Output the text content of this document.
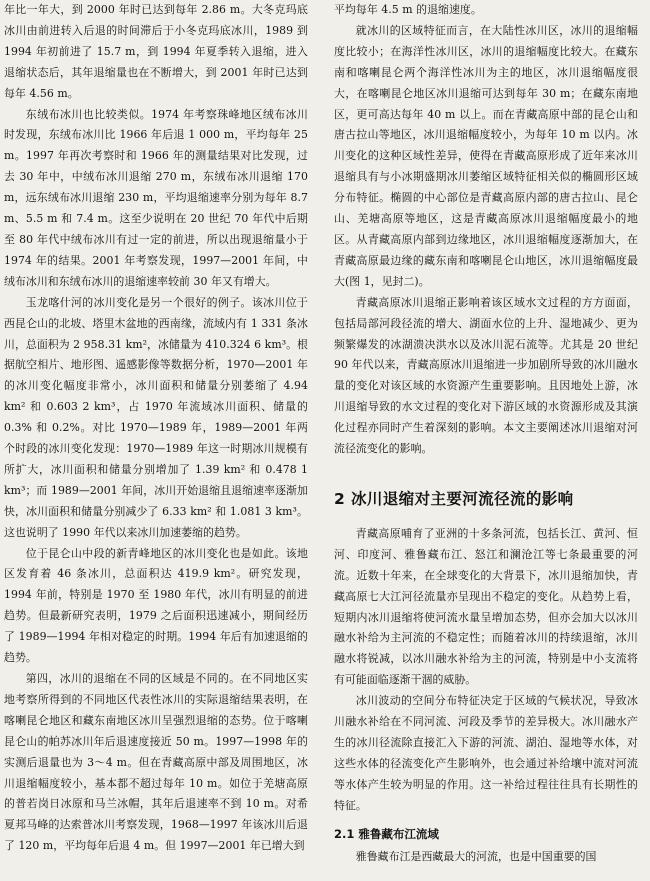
年比一年大，到 2000 年时已达到每年 2.86 m。大冬克玛底冰川由前进转入后退的时间滞后于小冬克玛底冰川，1989 到 1994 年初前进了 15.7 m，到 1994 年夏季转入退缩，进入退缩状态后，其年退缩量也在不断增大，到 2001 年时已达到每年 4.56 m。

东绒布冰川也比较类似。1974 年考察珠峰地区绒布冰川时发现，东绒布冰川比 1966 年后退 1 000 m，平均每年 25 m。1997 年再次考察时和 1966 年的测量结果对比发现，过去 30 年中，中绒布冰川退缩 270 m，东绒布冰川退缩 170 m，远东绒布冰川退缩 230 m，平均退缩速率分别为每年 8.7 m、5.5 m 和 7.4 m。这至少说明在 20 世纪 70 年代中后期至 80 年代中绒布冰川有过一定的前进，所以出现退缩量小于 1974 年的结果。2001 年考察发现，1997—2001 年间，中绒布冰川和东绒布冰川的退缩速率较前 30 年又有增大。

玉龙喀什河的冰川变化是另一个很好的例子。该冰川位于西昆仑山的北坡、塔里木盆地的西南缘，流域内有 1 331 条冰川，总面积为 2 958.31 km²，冰储量为 410.324 6 km³。根据航空相片、地形图、遥感影像等数据分析，1970—2001 年的冰川变化幅度非常小，冰川面积和储量分别萎缩了 4.94 km² 和 0.603 2 km³，占 1970 年流域冰川面积、储量的 0.3% 和 0.2%。对比 1970—1989 年，1989—2001 年两个时段的冰川变化发现：1970—1989 年这一时期冰川规模有所扩大，冰川面积和储量分别增加了 1.39 km² 和 0.478 1 km³；而 1989—2001 年间，冰川开始退缩且退缩速率逐渐加快，冰川面积和储量分别减少了 6.33 km² 和 1.081 3 km³。这也说明了 1990 年代以来冰川加速萎缩的趋势。

位于昆仑山中段的新青峰地区的冰川变化也是如此。该地区发育着 46 条冰川，总面积达 419.9 km²。研究发现，1994 年前，特别是 1970 至 1980 年代，冰川有明显的前进趋势。但最新研究表明，1979 之后面积迅速减小，期间经历了 1989—1994 年相对稳定的时期。1994 年后有加速退缩的趋势。

第四，冰川的退缩在不同的区域是不同的。在不同地区实地考察所得到的不同地区代表性冰川的实际退缩结果表明，在喀喇昆仑地区和藏东南地区冰川呈强烈退缩的态势。位于喀喇昆仑山的帕苏冰川年后退速度接近 50 m。1997—1998 年的实测后退量也为 3～4 m。但在青藏高原中部及周围地区，冰川退缩幅度较小，基本都不超过每年 10 m。如位于羌塘高原的普若岗日冰原和马兰冰帽，其年后退速率不到 10 m。对希夏邦马峰的达索普冰川考察发现，1968—1997 年该冰川后退了 120 m，平均每年后退 4 m。但 1997—2001 年已增大到

平均每年 4.5 m 的退缩速度。

就冰川的区域特征而言，在大陆性冰川区，冰川的退缩幅度比较小；在海洋性冰川区，冰川的退缩幅度比较大。在藏东南和喀喇昆仑两个海洋性冰川为主的地区，冰川退缩幅度很大，在喀喇昆仑地区冰川退缩可达到每年 30 m；在藏东南地区，更可高达每年 40 m 以上。而在青藏高原中部的昆仑山和唐古拉山等地区，冰川退缩幅度较小，为每年 10 m 以内。冰川变化的这种区域性差异，使得在青藏高原形成了近年来冰川退缩具有与小冰期盛期冰川萎缩区域特征相关似的椭圆形区域分布特征。椭圆的中心部位是青藏高原内部的唐古拉山、昆仑山、羌塘高原等地区，这是青藏高原冰川退缩幅度最小的地区。从青藏高原内部到边缘地区，冰川退缩幅度逐渐加大，在青藏高原最边缘的藏东南和喀喇昆仑山地区，冰川退缩幅度最大(图 1，见封二)。

青藏高原冰川退缩正影响着该区域水文过程的方方面面，包括局部河段径流的增大、湖面水位的上升、湿地减少、更为频繁爆发的冰湖溃决洪水以及冰川泥石流等。尤其是 20 世纪 90 年代以来，青藏高原冰川退缩进一步加剧所导致的冰川融水量的变化对该区域的水资源产生重要影响。且因地处上游，冰川退缩导致的水文过程的变化对下游区域的水资源形成及其演化过程亦同时产生着深刻的影响。本文主要阐述冰川退缩对河流径流变化的影响。

2 冰川退缩对主要河流径流的影响

青藏高原哺育了亚洲的十多条河流，包括长江、黄河、恒河、印度河、雅鲁藏布江、怒江和澜沧江等七条最重要的河流。近数十年来，在全球变化的大背景下，冰川退缩加快，青藏高原七大江河径流量亦呈现出不稳定的变化。从趋势上看，短期内冰川退缩将使河流水量呈增加态势，但亦会加大以冰川融水补给为主河流的不稳定性；而随着冰川的持续退缩，冰川融水将锐减，以冰川融水补给为主的河流，特别是中小支流将有可能面临逐渐干涸的威胁。

冰川波动的空间分布特征决定于区域的气候状况，导致冰川融水补给在不同河流、河段及季节的差异极大。冰川融水产生的冰川径流除直接汇入下游的河流、湖泊、湿地等水体，对这些水体的径流变化产生影响外，也会通过补给壤中流对河流等水体产生较为明显的作用。这一补给过程往往具有长期性的特征。

2.1 雅鲁藏布江流域

雅鲁藏布江是西藏最大的河流，也是中国重要的国
